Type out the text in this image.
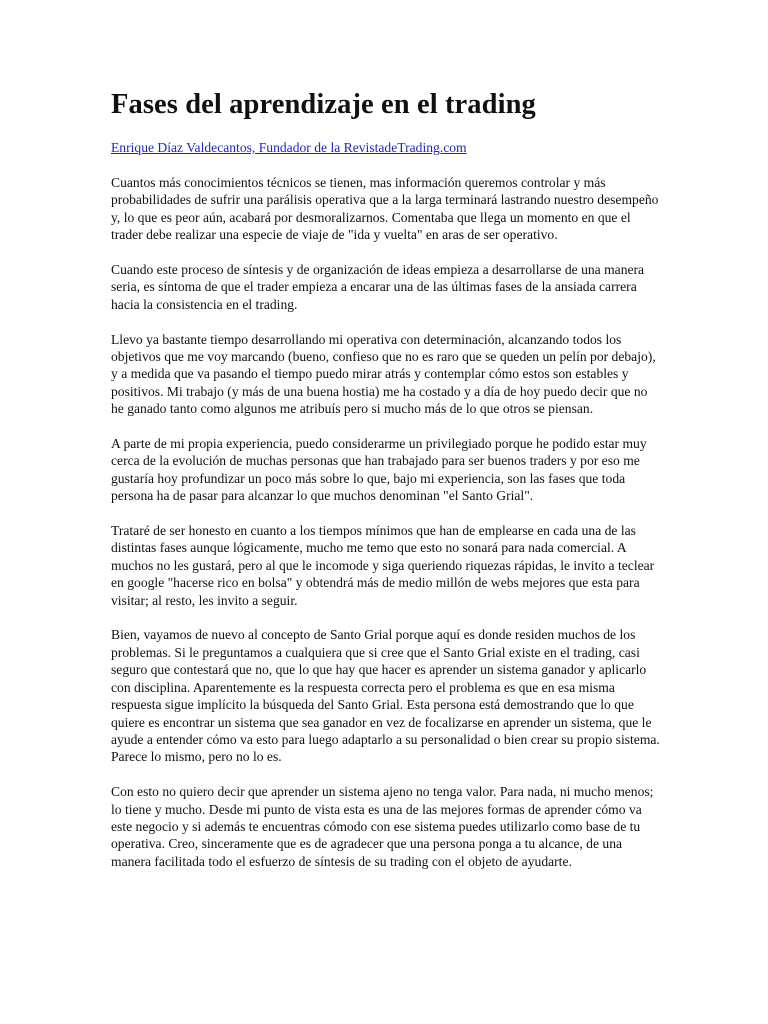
Fases del aprendizaje en el trading
Enrique Díaz Valdecantos, Fundador de la RevistadeTrading.com

Cuantos más conocimientos técnicos se tienen, mas información queremos controlar y más probabilidades de sufrir una parálisis operativa que a la larga terminará lastrando nuestro desempeño y, lo que es peor aún, acabará por desmoralizarnos. Comentaba que llega un momento en que el trader debe realizar una especie de viaje de "ida y vuelta" en aras de ser operativo.

Cuando este proceso de síntesis y de organización de ideas empieza a desarrollarse de una manera seria, es síntoma de que el trader empieza a encarar una de las últimas fases de la ansiada carrera hacia la consistencia en el trading.

Llevo ya bastante tiempo desarrollando mi operativa con determinación, alcanzando todos los objetivos que me voy marcando (bueno, confieso que no es raro que se queden un pelín por debajo), y a medida que va pasando el tiempo puedo mirar atrás y contemplar cómo estos son estables y positivos. Mi trabajo (y más de una buena hostia) me ha costado y a día de hoy puedo decir que no he ganado tanto como algunos me atribuís pero si mucho más de lo que otros se piensan.

A parte de mi propia experiencia, puedo considerarme un privilegiado porque he podido estar muy cerca de la evolución de muchas personas que han trabajado para ser buenos traders y por eso me gustaría hoy profundizar un poco más sobre lo que, bajo mi experiencia, son las fases que toda persona ha de pasar para alcanzar lo que muchos denominan "el Santo Grial".

Trataré de ser honesto en cuanto a los tiempos mínimos que han de emplearse en cada una de las distintas fases aunque lógicamente, mucho me temo que esto no sonará para nada comercial. A muchos no les gustará, pero al que le incomode y siga queriendo riquezas rápidas, le invito a teclear en google "hacerse rico en bolsa" y obtendrá más de medio millón de webs mejores que esta para visitar; al resto, les invito a seguir.

Bien, vayamos de nuevo al concepto de Santo Grial porque aquí es donde residen muchos de los problemas. Si le preguntamos a cualquiera que si cree que el Santo Grial existe en el trading, casi seguro que contestará que no, que lo que hay que hacer es aprender un sistema ganador y aplicarlo con disciplina. Aparentemente es la respuesta correcta pero el problema es que en esa misma respuesta sigue implícito la búsqueda del Santo Grial. Esta persona está demostrando que lo que quiere es encontrar un sistema que sea ganador en vez de focalizarse en aprender un sistema, que le ayude a entender cómo va esto para luego adaptarlo a su personalidad o bien crear su propio sistema. Parece lo mismo, pero no lo es.

Con esto no quiero decir que aprender un sistema ajeno no tenga valor. Para nada, ni mucho menos; lo tiene y mucho. Desde mi punto de vista esta es una de las mejores formas de aprender cómo va este negocio y si además te encuentras cómodo con ese sistema puedes utilizarlo como base de tu operativa. Creo, sinceramente que es de agradecer que una persona ponga a tu alcance, de una manera facilitada todo el esfuerzo de síntesis de su trading con el objeto de ayudarte.
